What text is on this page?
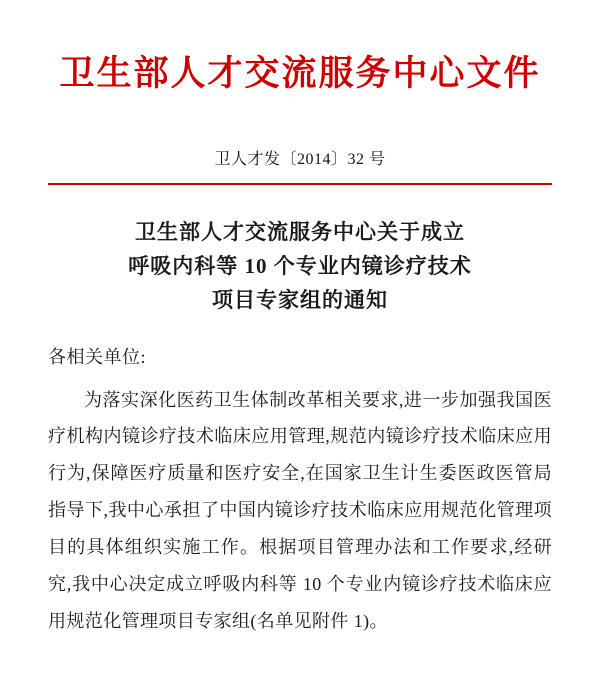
卫生部人才交流服务中心文件
卫人才发〔2014〕32 号
卫生部人才交流服务中心关于成立
呼吸内科等 10 个专业内镜诊疗技术
项目专家组的通知
各相关单位:

为落实深化医药卫生体制改革相关要求,进一步加强我国医疗机构内镜诊疗技术临床应用管理,规范内镜诊疗技术临床应用行为,保障医疗质量和医疗安全,在国家卫生计生委医政医管局指导下,我中心承担了中国内镜诊疗技术临床应用规范化管理项目的具体组织实施工作。根据项目管理办法和工作要求,经研究,我中心决定成立呼吸内科等 10 个专业内镜诊疗技术临床应用规范化管理项目专家组(名单见附件 1)。
